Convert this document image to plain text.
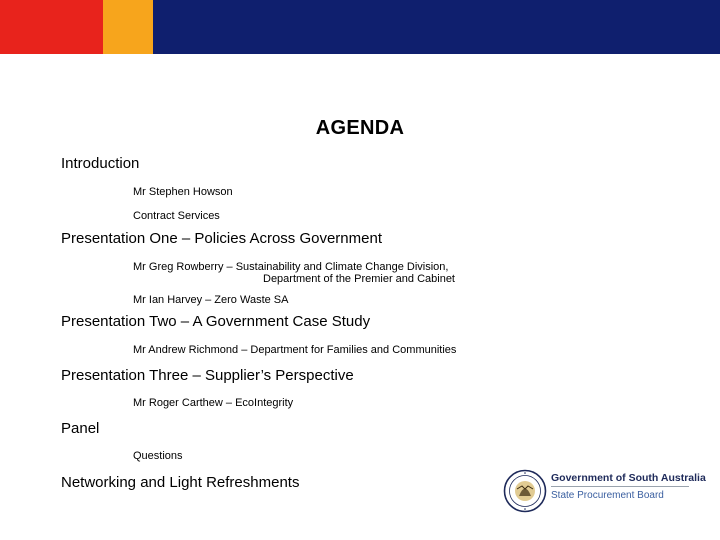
AGENDA
Introduction
Mr Stephen Howson
Contract Services
Presentation One – Policies Across Government
Mr Greg Rowberry – Sustainability and Climate Change Division,
Department of the Premier and Cabinet
Mr Ian Harvey – Zero Waste SA
Presentation Two – A Government Case Study
Mr Andrew Richmond – Department for Families and Communities
Presentation Three – Supplier’s Perspective
Mr Roger Carthew – EcoIntegrity
Panel
Questions
Networking and Light Refreshments	Government of South Australia
State Procurement Board
